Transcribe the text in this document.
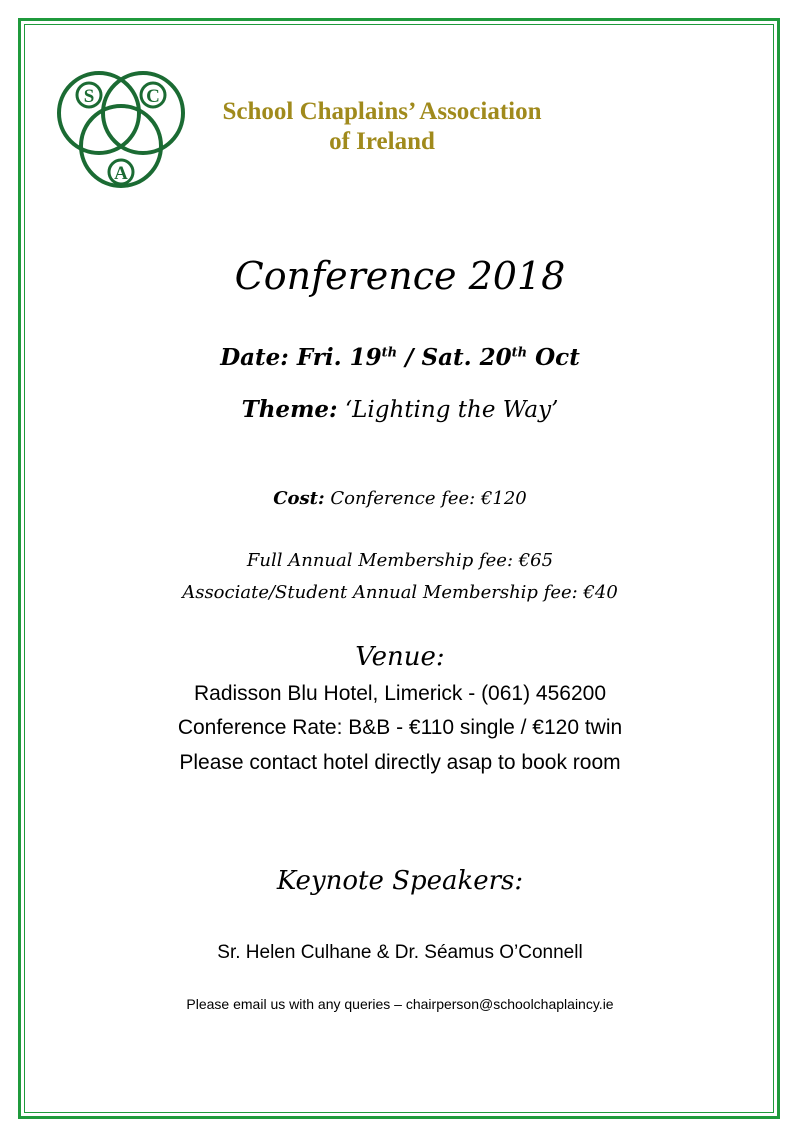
S	C
A
School Chaplains’ Association
of Ireland
Conference 2018
Date: Fri. 19th / Sat. 20th Oct
Theme: ‘Lighting the Way’
Cost: Conference fee: €120
Full Annual Membership fee: €65
Associate/Student Annual Membership fee: €40
Venue:
Radisson Blu Hotel, Limerick - (061) 456200
Conference Rate: B&B - €110 single / €120 twin
Please contact hotel directly asap to book room
Keynote Speakers:
Sr. Helen Culhane & Dr. Séamus O’Connell
Please email us with any queries – chairperson@schoolchaplaincy.ie
